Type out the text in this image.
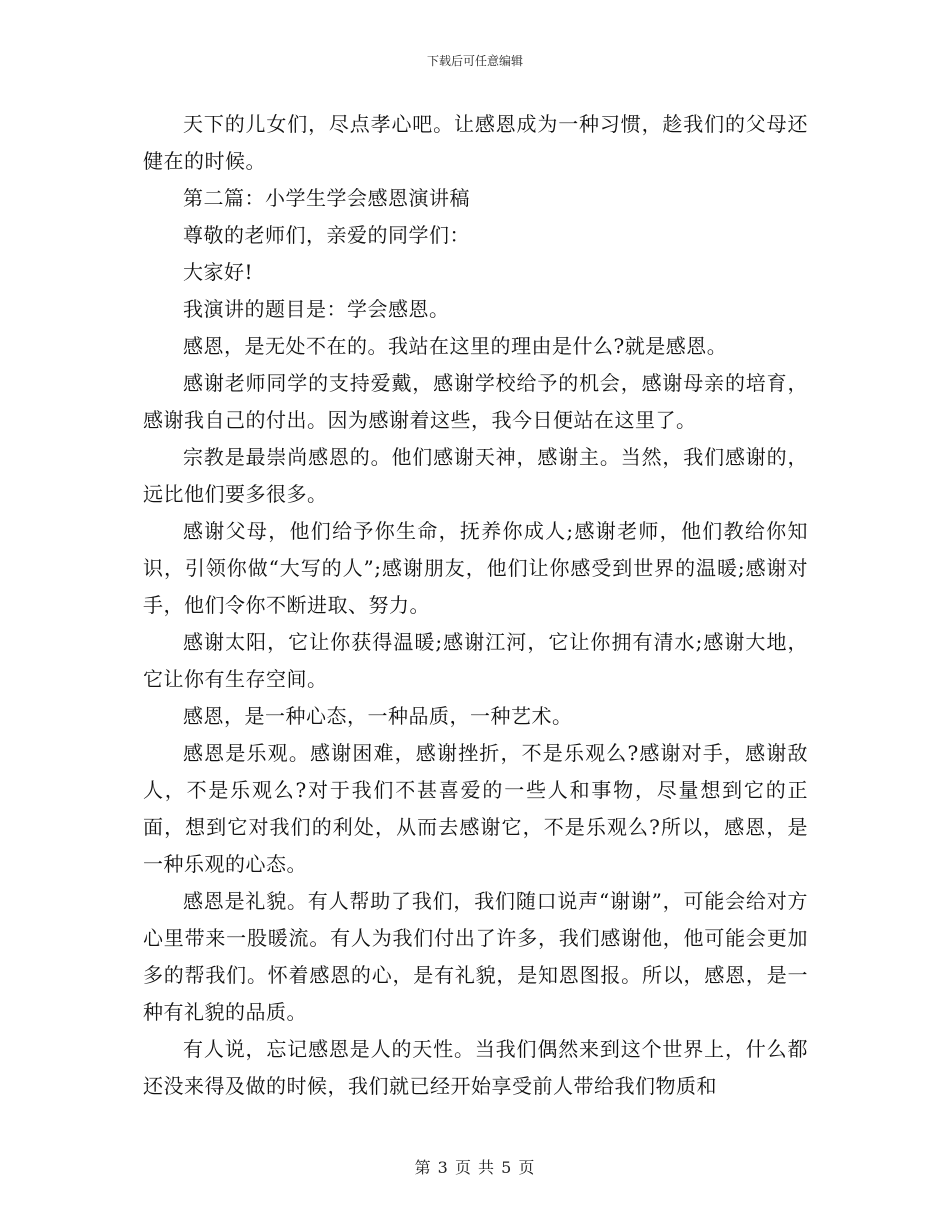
下载后可任意编辑

天下的儿女们，尽点孝心吧。让感恩成为一种习惯，趁我们的父母还健在的时候。

第二篇：小学生学会感恩演讲稿

尊敬的老师们，亲爱的同学们：

大家好!

我演讲的题目是：学会感恩。

感恩，是无处不在的。我站在这里的理由是什么?就是感恩。

感谢老师同学的支持爱戴，感谢学校给予的机会，感谢母亲的培育，感谢我自己的付出。因为感谢着这些，我今日便站在这里了。

宗教是最崇尚感恩的。他们感谢天神，感谢主。当然，我们感谢的，远比他们要多很多。

感谢父母，他们给予你生命，抚养你成人;感谢老师，他们教给你知识，引领你做“大写的人”;感谢朋友，他们让你感受到世界的温暖;感谢对手，他们令你不断进取、努力。

感谢太阳，它让你获得温暖;感谢江河，它让你拥有清水;感谢大地，它让你有生存空间。

感恩，是一种心态，一种品质，一种艺术。

感恩是乐观。感谢困难，感谢挫折，不是乐观么?感谢对手，感谢敌人，不是乐观么?对于我们不甚喜爱的一些人和事物，尽量想到它的正面，想到它对我们的利处，从而去感谢它，不是乐观么?所以，感恩，是一种乐观的心态。

感恩是礼貌。有人帮助了我们，我们随口说声“谢谢”，可能会给对方心里带来一股暖流。有人为我们付出了许多，我们感谢他，他可能会更加多的帮我们。怀着感恩的心，是有礼貌，是知恩图报。所以，感恩，是一种有礼貌的品质。

有人说，忘记感恩是人的天性。当我们偶然来到这个世界上，什么都还没来得及做的时候，我们就已经开始享受前人带给我们物质和

第 3 页 共 5 页
